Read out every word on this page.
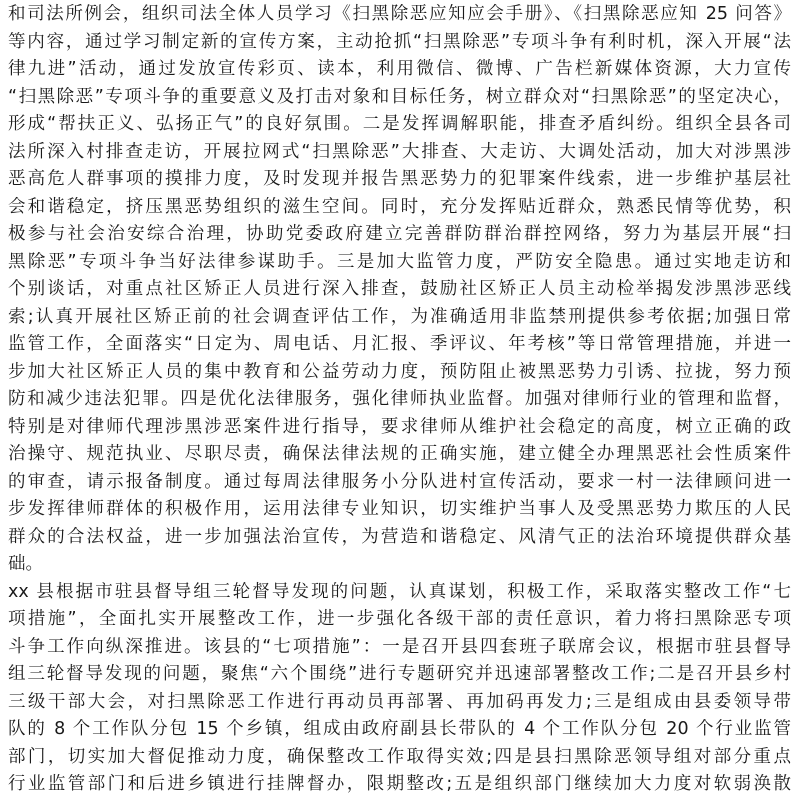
和司法所例会，组织司法全体人员学习《扫黑除恶应知应会手册》、《扫黑除恶应知 25 问答》
等内容，通过学习制定新的宣传方案，主动抢抓“扫黑除恶”专项斗争有利时机，深入开展“法
律九进”活动，通过发放宣传彩页、读本，利用微信、微博、广告栏新媒体资源，大力宣传
“扫黑除恶”专项斗争的重要意义及打击对象和目标任务，树立群众对“扫黑除恶”的坚定决心，
形成“帮扶正义、弘扬正气”的良好氛围。二是发挥调解职能，排查矛盾纠纷。组织全县各司
法所深入村排查走访，开展拉网式“扫黑除恶”大排查、大走访、大调处活动，加大对涉黑涉
恶高危人群事项的摸排力度，及时发现并报告黑恶势力的犯罪案件线索，进一步维护基层社
会和谐稳定，挤压黑恶势组织的滋生空间。同时，充分发挥贴近群众，熟悉民情等优势，积
极参与社会治安综合治理，协助党委政府建立完善群防群治群控网络，努力为基层开展“扫
黑除恶”专项斗争当好法律参谋助手。三是加大监管力度，严防安全隐患。通过实地走访和
个别谈话，对重点社区矫正人员进行深入排查，鼓励社区矫正人员主动检举揭发涉黑涉恶线
索;认真开展社区矫正前的社会调查评估工作，为准确适用非监禁刑提供参考依据;加强日常
监管工作，全面落实“日定为、周电话、月汇报、季评议、年考核”等日常管理措施，并进一
步加大社区矫正人员的集中教育和公益劳动力度，预防阻止被黑恶势力引诱、拉拢，努力预
防和减少违法犯罪。四是优化法律服务，强化律师执业监督。加强对律师行业的管理和监督，
特别是对律师代理涉黑涉恶案件进行指导，要求律师从维护社会稳定的高度，树立正确的政
治操守、规范执业、尽职尽责，确保法律法规的正确实施，建立健全办理黑恶社会性质案件
的审查，请示报备制度。通过每周法律服务小分队进村宣传活动，要求一村一法律顾问进一
步发挥律师群体的积极作用，运用法律专业知识，切实维护当事人及受黑恶势力欺压的人民
群众的合法权益，进一步加强法治宣传，为营造和谐稳定、风清气正的法治环境提供群众基
础。
xx 县根据市驻县督导组三轮督导发现的问题，认真谋划，积极工作，采取落实整改工作“七
项措施”，全面扎实开展整改工作，进一步强化各级干部的责任意识，着力将扫黑除恶专项
斗争工作向纵深推进。该县的“七项措施”：一是召开县四套班子联席会议，根据市驻县督导
组三轮督导发现的问题，聚焦“六个围绕”进行专题研究并迅速部署整改工作;二是召开县乡村
三级干部大会，对扫黑除恶工作进行再动员再部署、再加码再发力;三是组成由县委领导带
队的 8 个工作队分包 15 个乡镇，组成由政府副县长带队的 4 个工作队分包 20 个行业监管
部门，切实加大督促推动力度，确保整改工作取得实效;四是县扫黑除恶领导组对部分重点
行业监管部门和后进乡镇进行挂牌督办，限期整改;五是组织部门继续加大力度对软弱涣散
